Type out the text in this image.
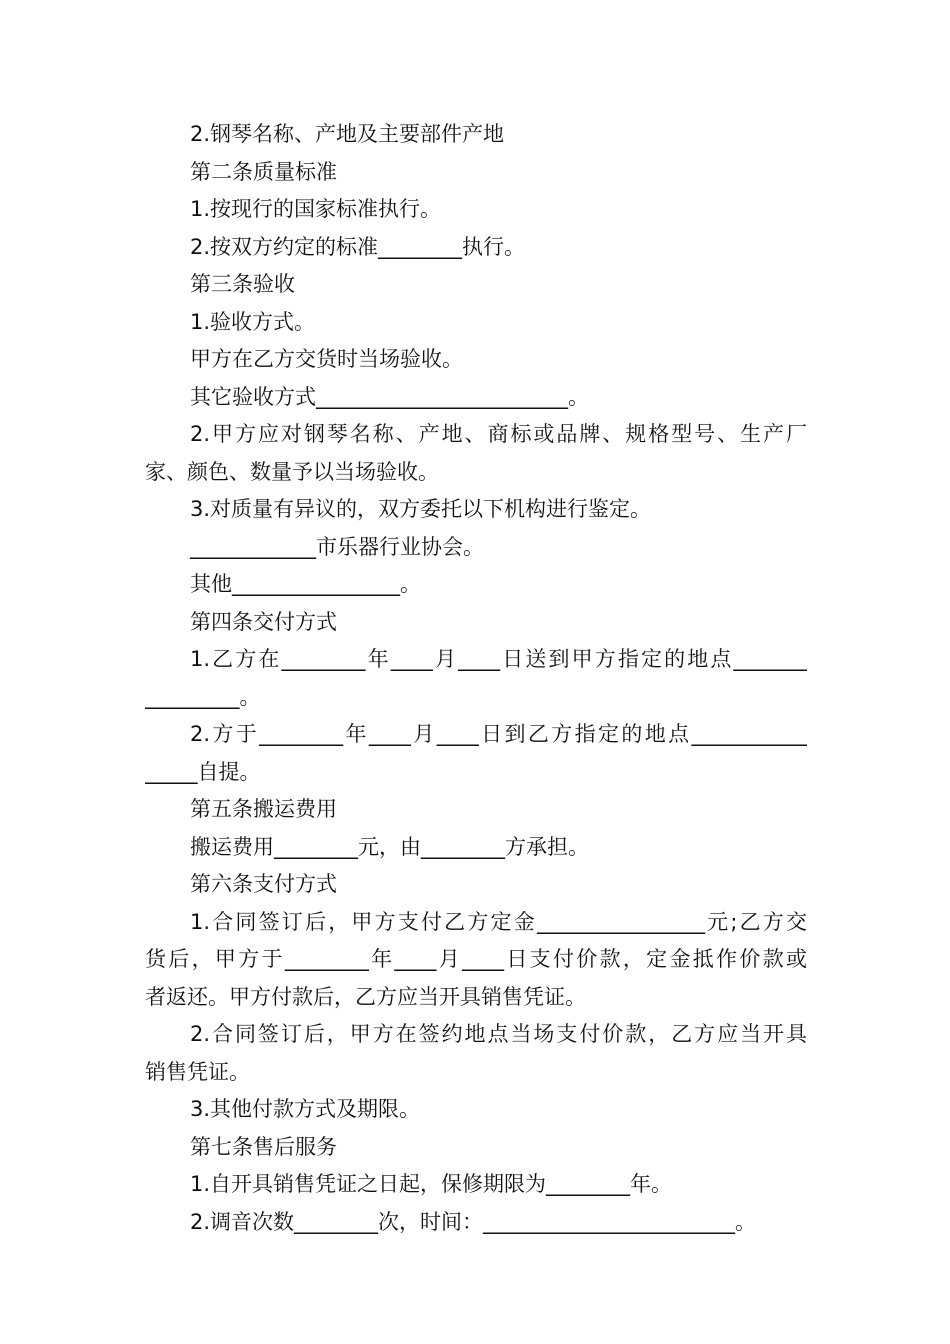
2.钢琴名称、产地及主要部件产地

第二条质量标准

1.按现行的国家标准执行。

2.按双方约定的标准________执行。

第三条验收

1.验收方式。

甲方在乙方交货时当场验收。

其它验收方式________________________。

2.甲方应对钢琴名称、产地、商标或品牌、规格型号、生产厂

家、颜色、数量予以当场验收。

3.对质量有异议的，双方委托以下机构进行鉴定。

____________市乐器行业协会。

其他________________。

第四条交付方式

1.乙方在________年____月____日送到甲方指定的地点_______

_________。

2.方于________年____月____日到乙方指定的地点___________

_____自提。

第五条搬运费用

搬运费用________元，由________方承担。

第六条支付方式

1.合同签订后，甲方支付乙方定金________________元;乙方交

货后，甲方于________年____月____日支付价款，定金抵作价款或

者返还。甲方付款后，乙方应当开具销售凭证。

2.合同签订后，甲方在签约地点当场支付价款，乙方应当开具

销售凭证。

3.其他付款方式及期限。

第七条售后服务

1.自开具销售凭证之日起，保修期限为________年。

2.调音次数________次，时间：________________________。
